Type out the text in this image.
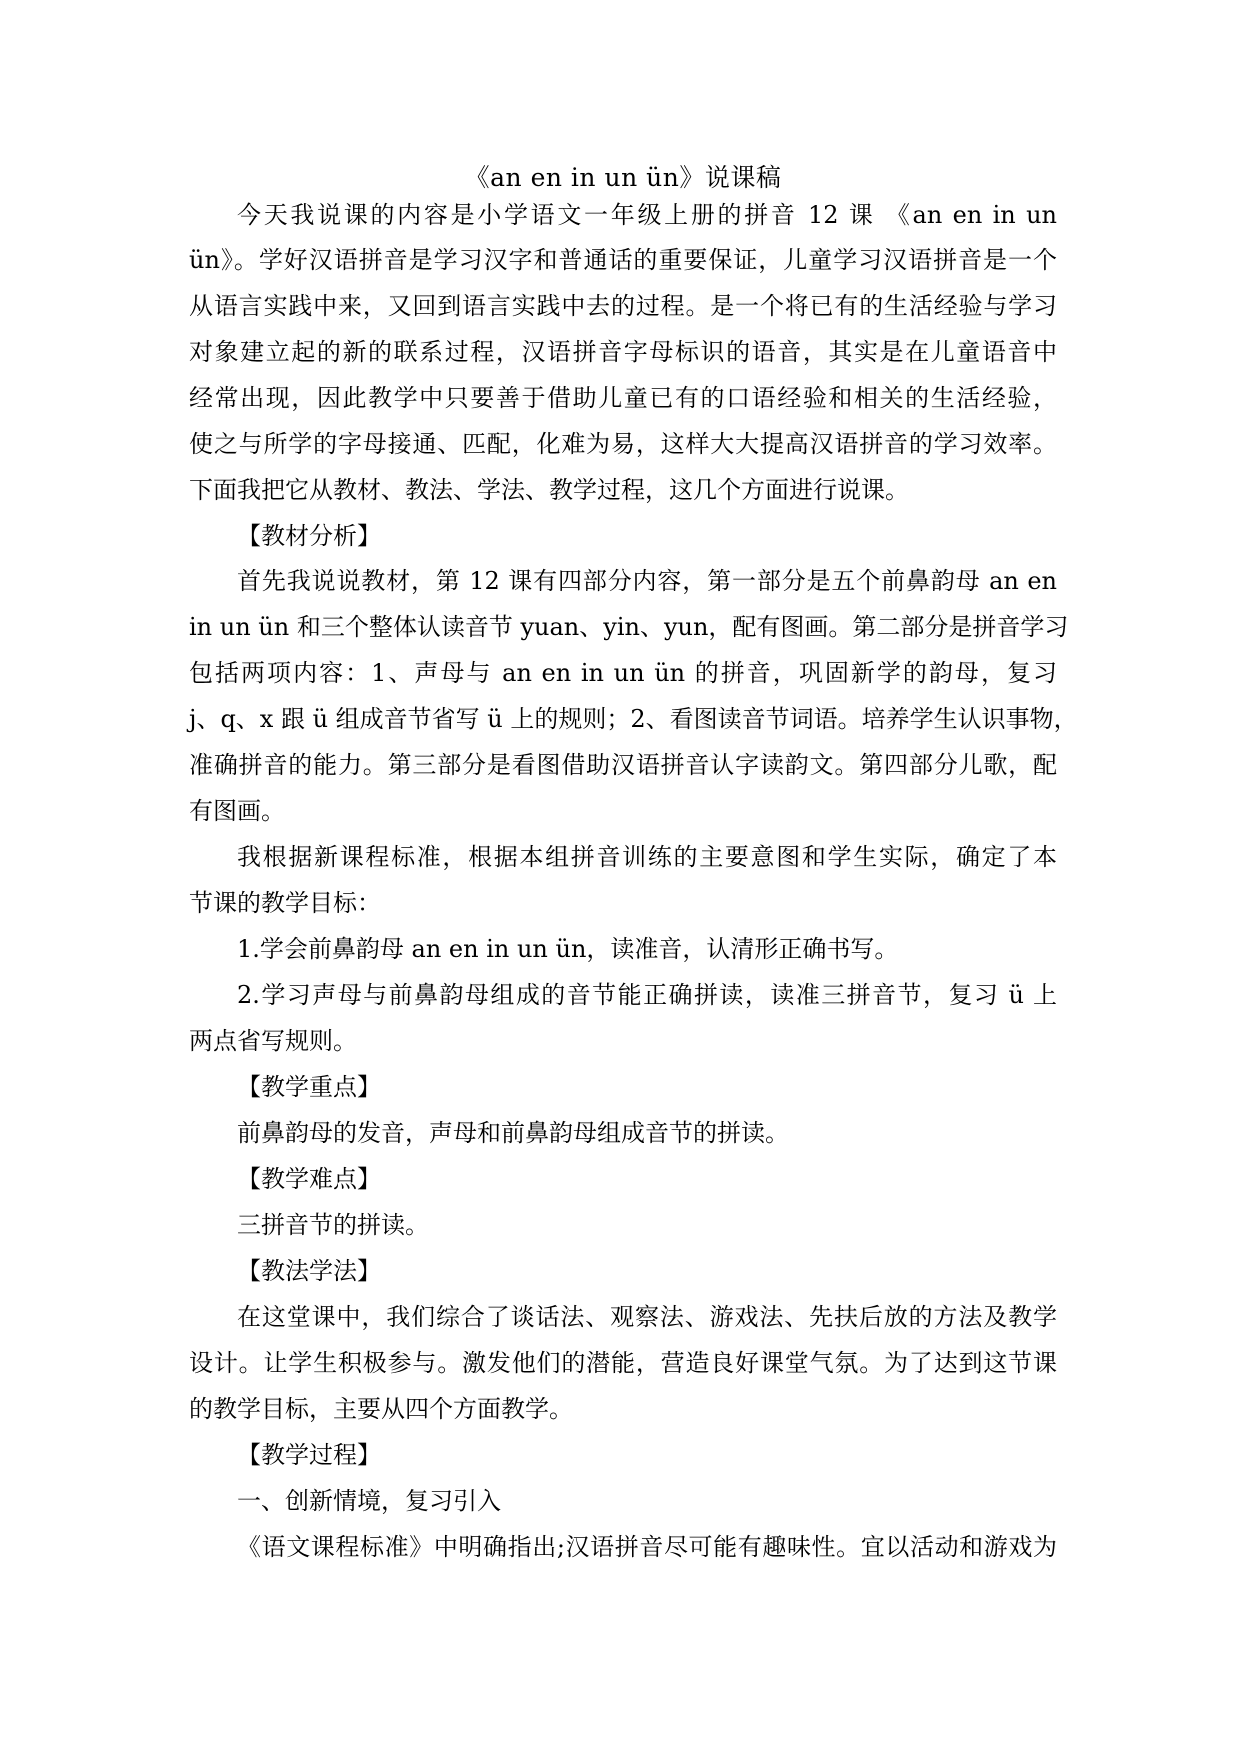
《an en in un ün》说课稿
今天我说课的内容是小学语文一年级上册的拼音 12 课 《an en in un
ün》。学好汉语拼音是学习汉字和普通话的重要保证，儿童学习汉语拼音是一个
从语言实践中来，又回到语言实践中去的过程。是一个将已有的生活经验与学习
对象建立起的新的联系过程，汉语拼音字母标识的语音，其实是在儿童语音中
经常出现，因此教学中只要善于借助儿童已有的口语经验和相关的生活经验，
使之与所学的字母接通、匹配，化难为易，这样大大提高汉语拼音的学习效率。
下面我把它从教材、教法、学法、教学过程，这几个方面进行说课。
【教材分析】
首先我说说教材，第 12 课有四部分内容，第一部分是五个前鼻韵母 an en
in un ün 和三个整体认读音节 yuan、yin、yun，配有图画。第二部分是拼音学习
包括两项内容：1、声母与 an en in un ün 的拼音，巩固新学的韵母，复习
j、q、x 跟 ü 组成音节省写 ü 上的规则；2、看图读音节词语。培养学生认识事物，
准确拼音的能力。第三部分是看图借助汉语拼音认字读韵文。第四部分儿歌，配
有图画。
我根据新课程标准，根据本组拼音训练的主要意图和学生实际，确定了本
节课的教学目标：
1.学会前鼻韵母 an en in un ün，读准音，认清形正确书写。
2.学习声母与前鼻韵母组成的音节能正确拼读，读准三拼音节，复习 ü 上
两点省写规则。
【教学重点】
前鼻韵母的发音，声母和前鼻韵母组成音节的拼读。
【教学难点】
三拼音节的拼读。
【教法学法】
在这堂课中，我们综合了谈话法、观察法、游戏法、先扶后放的方法及教学
设计。让学生积极参与。激发他们的潜能，营造良好课堂气氛。为了达到这节课
的教学目标，主要从四个方面教学。
【教学过程】
一、创新情境，复习引入
《语文课程标准》中明确指出;汉语拼音尽可能有趣味性。宜以活动和游戏为
